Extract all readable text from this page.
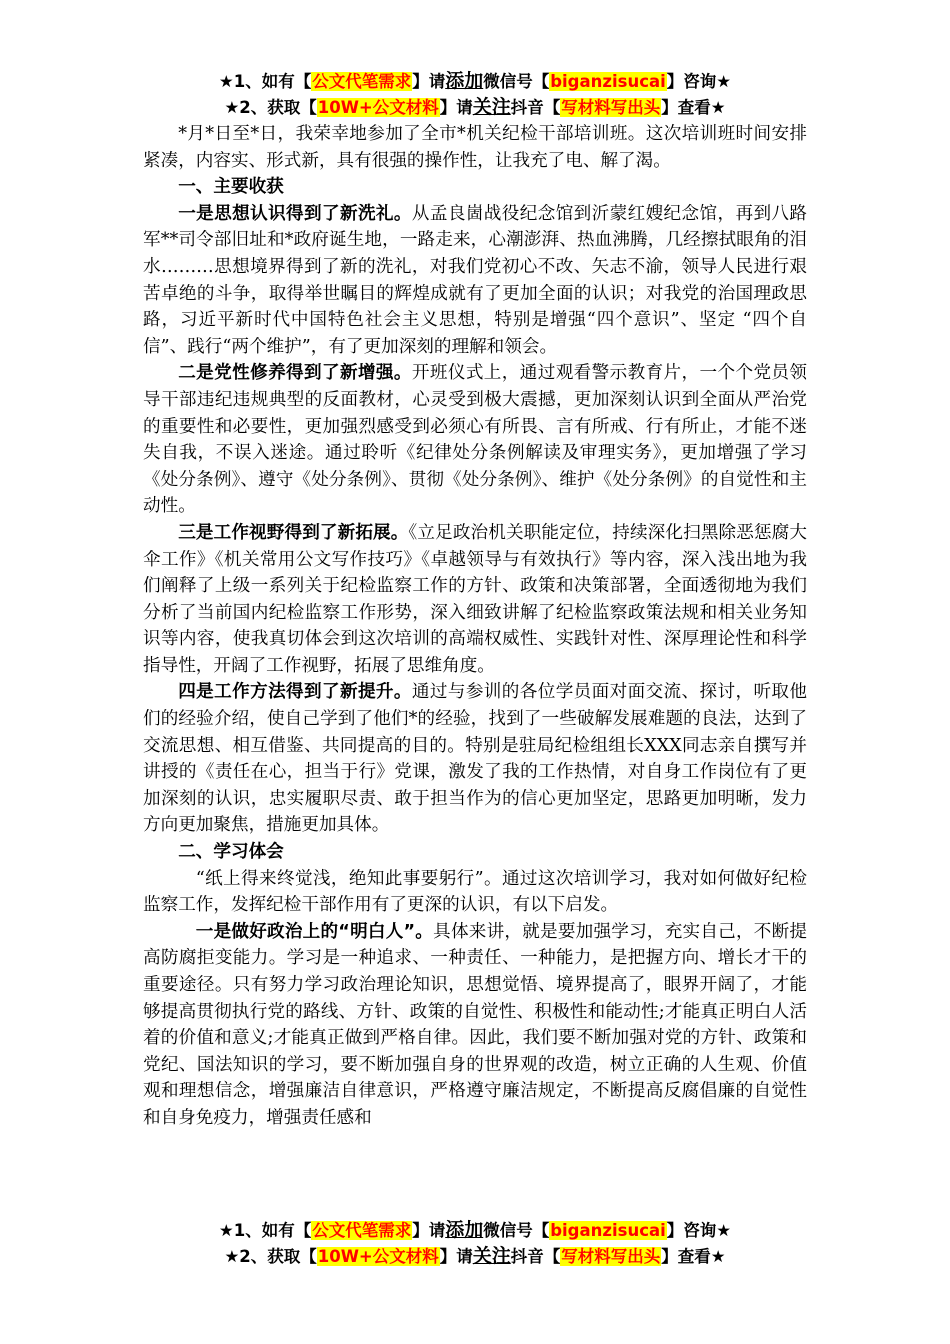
★1、如有【公文代笔需求】请添加微信号【biganzisucai】咨询★
★2、获取【10W+公文材料】请关注抖音【写材料写出头】查看★

*月*日至*日，我荣幸地参加了全市*机关纪检干部培训班。这次培训班时间安排紧凑，内容实、形式新，具有很强的操作性，让我充了电、解了渴。

一、主要收获

一是思想认识得到了新洗礼。从孟良崮战役纪念馆到沂蒙红嫂纪念馆，再到八路军**司令部旧址和*政府诞生地，一路走来，心潮澎湃、热血沸腾，几经擦拭眼角的泪水………思想境界得到了新的洗礼，对我们党初心不改、矢志不渝，领导人民进行艰苦卓绝的斗争，取得举世瞩目的辉煌成就有了更加全面的认识；对我党的治国理政思路，习近平新时代中国特色社会主义思想，特别是增强“四个意识”、坚定 “四个自信”、践行“两个维护”，有了更加深刻的理解和领会。

二是党性修养得到了新增强。开班仪式上，通过观看警示教育片，一个个党员领导干部违纪违规典型的反面教材，心灵受到极大震撼，更加深刻认识到全面从严治党的重要性和必要性，更加强烈感受到必须心有所畏、言有所戒、行有所止，才能不迷失自我，不误入迷途。通过聆听《纪律处分条例解读及审理实务》，更加增强了学习《处分条例》、遵守《处分条例》、贯彻《处分条例》、维护《处分条例》的自觉性和主动性。

三是工作视野得到了新拓展。《立足政治机关职能定位，持续深化扫黑除恶惩腐大伞工作》《机关常用公文写作技巧》《卓越领导与有效执行》等内容，深入浅出地为我们阐释了上级一系列关于纪检监察工作的方针、政策和决策部署，全面透彻地为我们分析了当前国内纪检监察工作形势，深入细致讲解了纪检监察政策法规和相关业务知识等内容，使我真切体会到这次培训的高端权威性、实践针对性、深厚理论性和科学指导性，开阔了工作视野，拓展了思维角度。

四是工作方法得到了新提升。通过与参训的各位学员面对面交流、探讨，听取他们的经验介绍，使自己学到了他们*的经验，找到了一些破解发展难题的良法，达到了交流思想、相互借鉴、共同提高的目的。特别是驻局纪检组组长XXX同志亲自撰写并讲授的《责任在心，担当于行》党课，激发了我的工作热情，对自身工作岗位有了更加深刻的认识，忠实履职尽责、敢于担当作为的信心更加坚定，思路更加明晰，发力方向更加聚焦，措施更加具体。

二、学习体会

“纸上得来终觉浅，绝知此事要躬行”。通过这次培训学习，我对如何做好纪检监察工作，发挥纪检干部作用有了更深的认识，有以下启发。

一是做好政治上的“明白人”。具体来讲，就是要加强学习，充实自己，不断提高防腐拒变能力。学习是一种追求、一种责任、一种能力，是把握方向、增长才干的重要途径。只有努力学习政治理论知识，思想觉悟、境界提高了，眼界开阔了，才能够提高贯彻执行党的路线、方针、政策的自觉性、积极性和能动性;才能真正明白人活着的价值和意义;才能真正做到严格自律。因此，我们要不断加强对党的方针、政策和党纪、国法知识的学习，要不断加强自身的世界观的改造，树立正确的人生观、价值观和理想信念，增强廉洁自律意识，严格遵守廉洁规定，不断提高反腐倡廉的自觉性和自身免疫力，增强责任感和

★1、如有【公文代笔需求】请添加微信号【biganzisucai】咨询★
★2、获取【10W+公文材料】请关注抖音【写材料写出头】查看★
